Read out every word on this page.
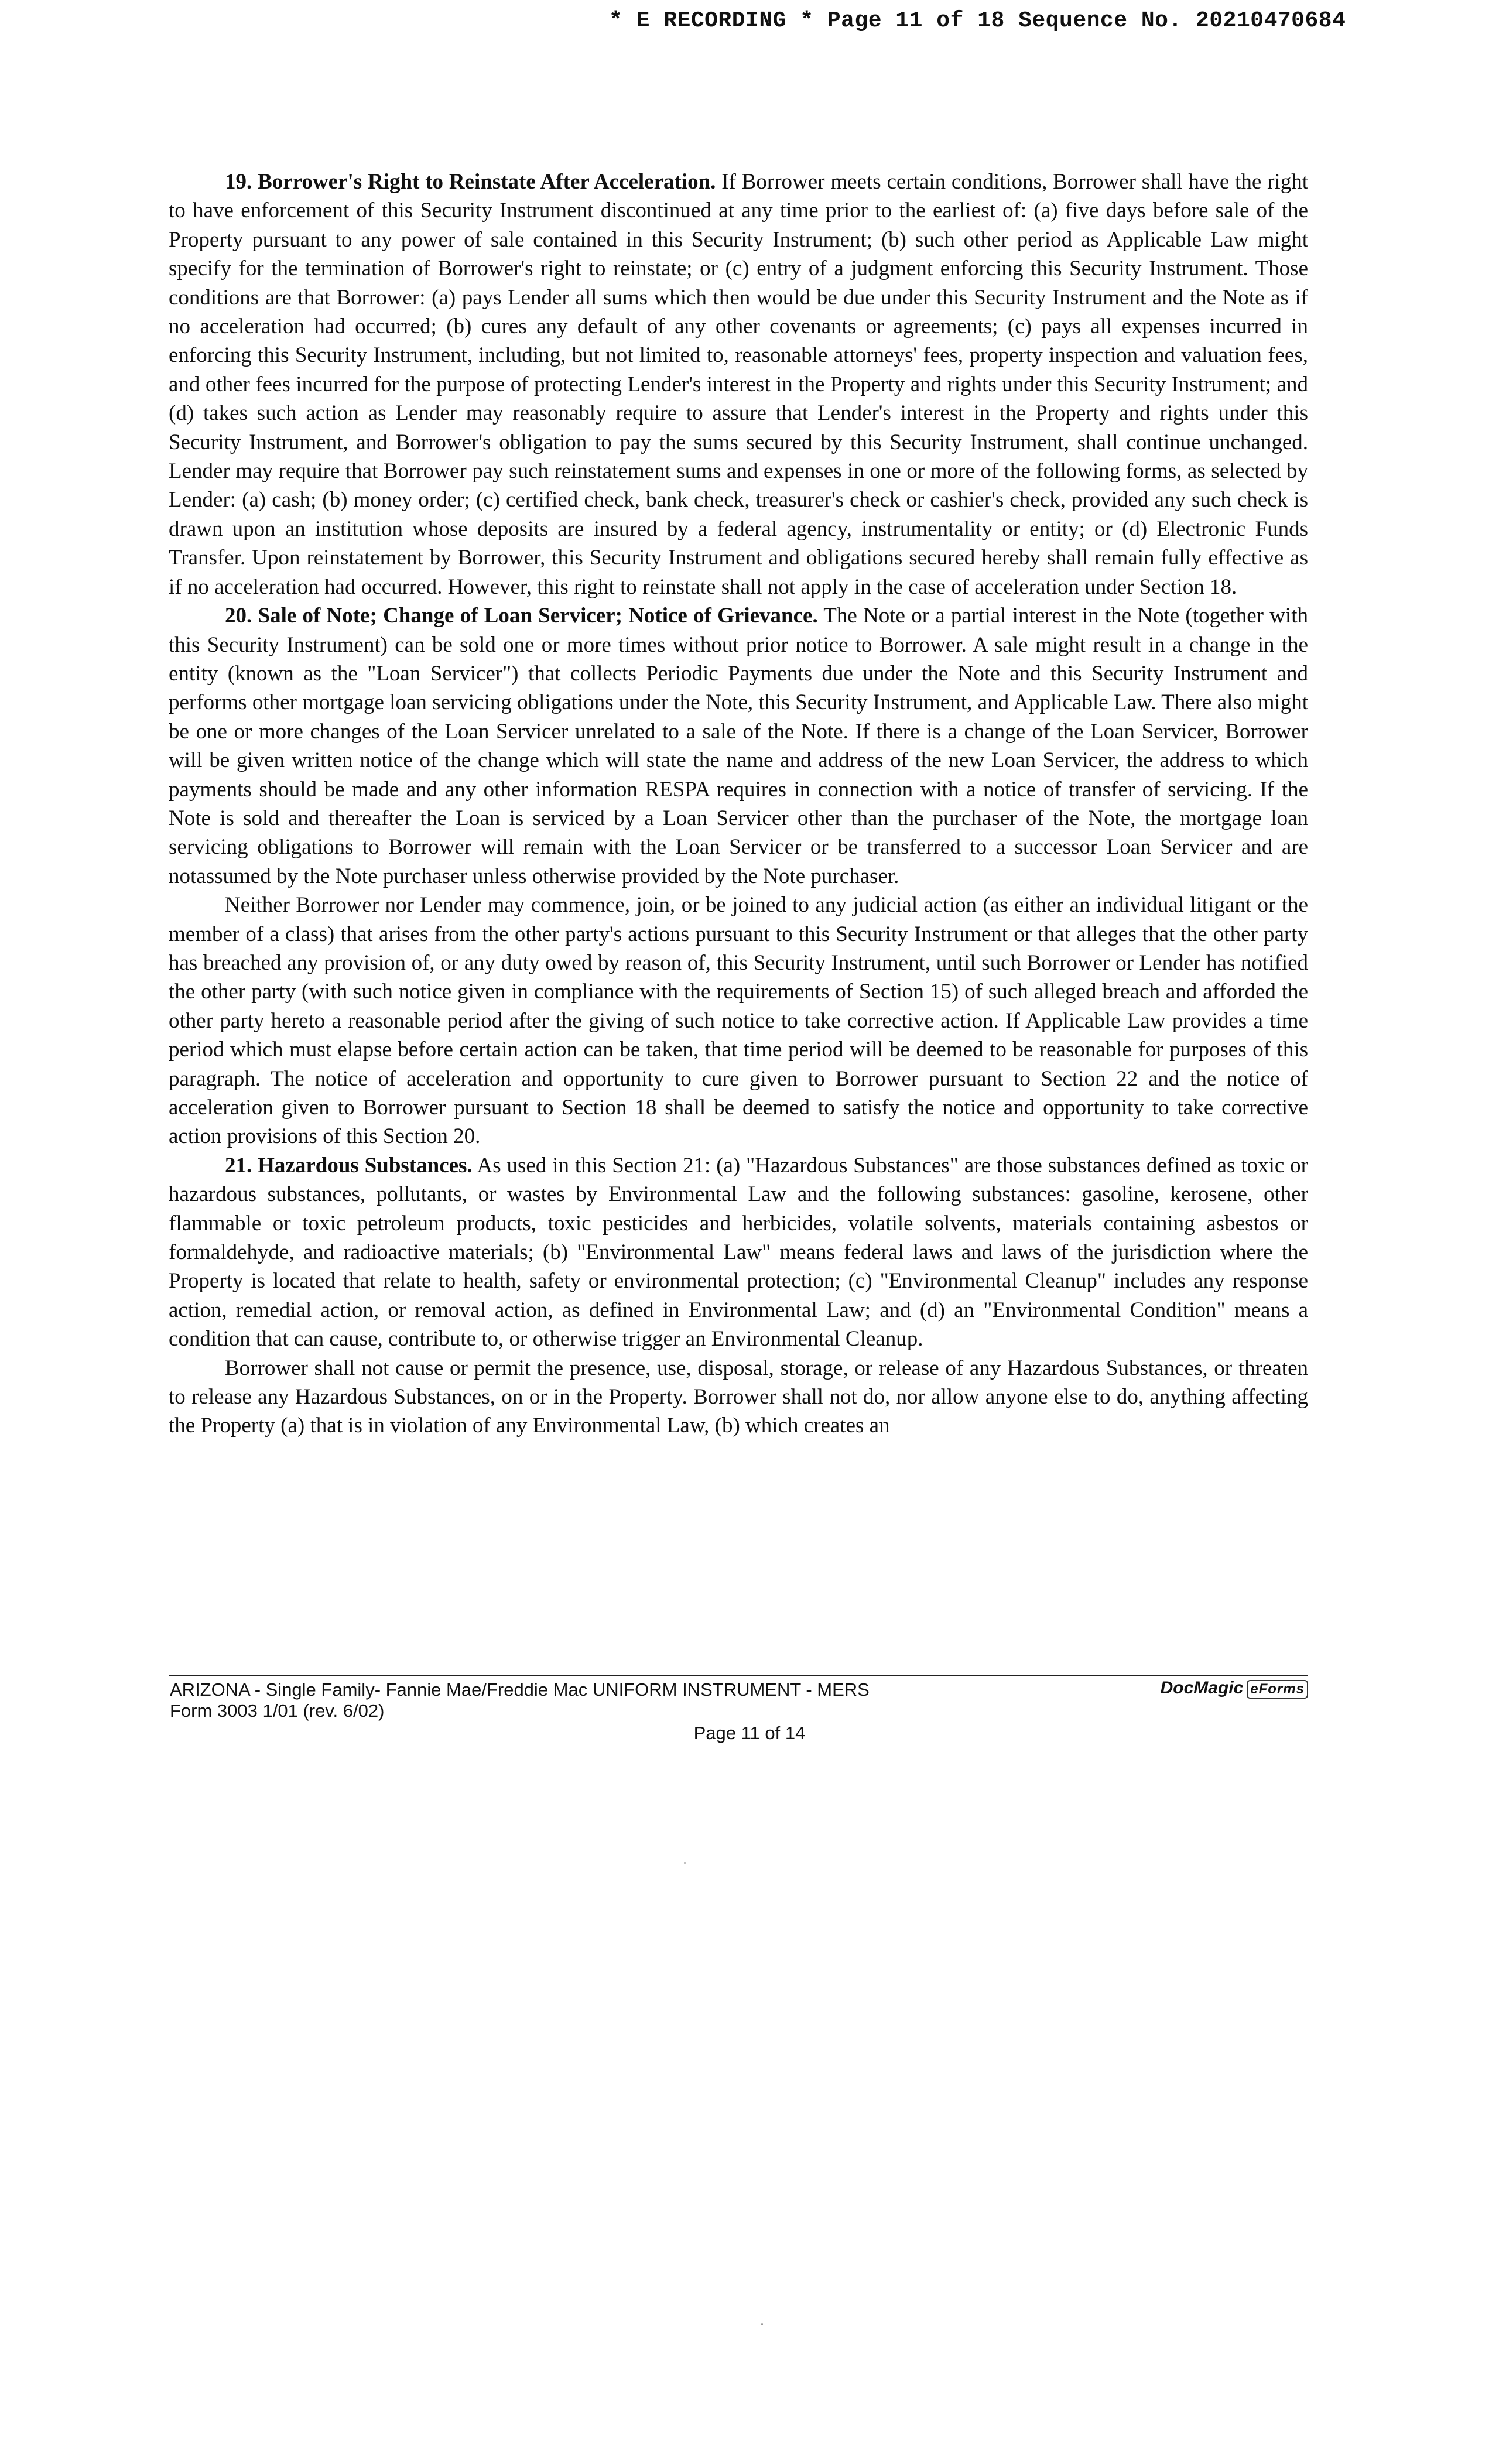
* E RECORDING * Page 11 of 18 Sequence No. 20210470684

19. Borrower's Right to Reinstate After Acceleration. If Borrower meets certain conditions, Borrower shall have the right to have enforcement of this Security Instrument discontinued at any time prior to the earliest of: (a) five days before sale of the Property pursuant to any power of sale contained in this Security Instrument; (b) such other period as Applicable Law might specify for the termination of Borrower's right to reinstate; or (c) entry of a judgment enforcing this Security Instrument. Those conditions are that Borrower: (a) pays Lender all sums which then would be due under this Security Instrument and the Note as if no acceleration had occurred; (b) cures any default of any other covenants or agreements; (c) pays all expenses incurred in enforcing this Security Instrument, including, but not limited to, reasonable attorneys' fees, property inspection and valuation fees, and other fees incurred for the purpose of protecting Lender's interest in the Property and rights under this Security Instrument; and (d) takes such action as Lender may reasonably require to assure that Lender's interest in the Property and rights under this Security Instrument, and Borrower's obligation to pay the sums secured by this Security Instrument, shall continue unchanged. Lender may require that Borrower pay such reinstatement sums and expenses in one or more of the following forms, as selected by Lender: (a) cash; (b) money order; (c) certified check, bank check, treasurer's check or cashier's check, provided any such check is drawn upon an institution whose deposits are insured by a federal agency, instrumentality or entity; or (d) Electronic Funds Transfer. Upon reinstatement by Borrower, this Security Instrument and obligations secured hereby shall remain fully effective as if no acceleration had occurred. However, this right to reinstate shall not apply in the case of acceleration under Section 18.

20. Sale of Note; Change of Loan Servicer; Notice of Grievance. The Note or a partial interest in the Note (together with this Security Instrument) can be sold one or more times without prior notice to Borrower. A sale might result in a change in the entity (known as the "Loan Servicer") that collects Periodic Payments due under the Note and this Security Instrument and performs other mortgage loan servicing obligations under the Note, this Security Instrument, and Applicable Law. There also might be one or more changes of the Loan Servicer unrelated to a sale of the Note. If there is a change of the Loan Servicer, Borrower will be given written notice of the change which will state the name and address of the new Loan Servicer, the address to which payments should be made and any other information RESPA requires in connection with a notice of transfer of servicing. If the Note is sold and thereafter the Loan is serviced by a Loan Servicer other than the purchaser of the Note, the mortgage loan servicing obligations to Borrower will remain with the Loan Servicer or be transferred to a successor Loan Servicer and are notassumed by the Note purchaser unless otherwise provided by the Note purchaser.

Neither Borrower nor Lender may commence, join, or be joined to any judicial action (as either an individual litigant or the member of a class) that arises from the other party's actions pursuant to this Security Instrument or that alleges that the other party has breached any provision of, or any duty owed by reason of, this Security Instrument, until such Borrower or Lender has notified the other party (with such notice given in compliance with the requirements of Section 15) of such alleged breach and afforded the other party hereto a reasonable period after the giving of such notice to take corrective action. If Applicable Law provides a time period which must elapse before certain action can be taken, that time period will be deemed to be reasonable for purposes of this paragraph. The notice of acceleration and opportunity to cure given to Borrower pursuant to Section 22 and the notice of acceleration given to Borrower pursuant to Section 18 shall be deemed to satisfy the notice and opportunity to take corrective action provisions of this Section 20.

21. Hazardous Substances. As used in this Section 21: (a) "Hazardous Substances" are those substances defined as toxic or hazardous substances, pollutants, or wastes by Environmental Law and the following substances: gasoline, kerosene, other flammable or toxic petroleum products, toxic pesticides and herbicides, volatile solvents, materials containing asbestos or formaldehyde, and radioactive materials; (b) "Environmental Law" means federal laws and laws of the jurisdiction where the Property is located that relate to health, safety or environmental protection; (c) "Environmental Cleanup" includes any response action, remedial action, or removal action, as defined in Environmental Law; and (d) an "Environmental Condition" means a condition that can cause, contribute to, or otherwise trigger an Environmental Cleanup.

Borrower shall not cause or permit the presence, use, disposal, storage, or release of any Hazardous Substances, or threaten to release any Hazardous Substances, on or in the Property. Borrower shall not do, nor allow anyone else to do, anything affecting the Property (a) that is in violation of any Environmental Law, (b) which creates an

ARIZONA - Single Family- Fannie Mae/Freddie Mac UNIFORM INSTRUMENT - MERS
Form 3003 1/01 (rev. 6/02)
DocMagic eForms
Page 11 of 14
